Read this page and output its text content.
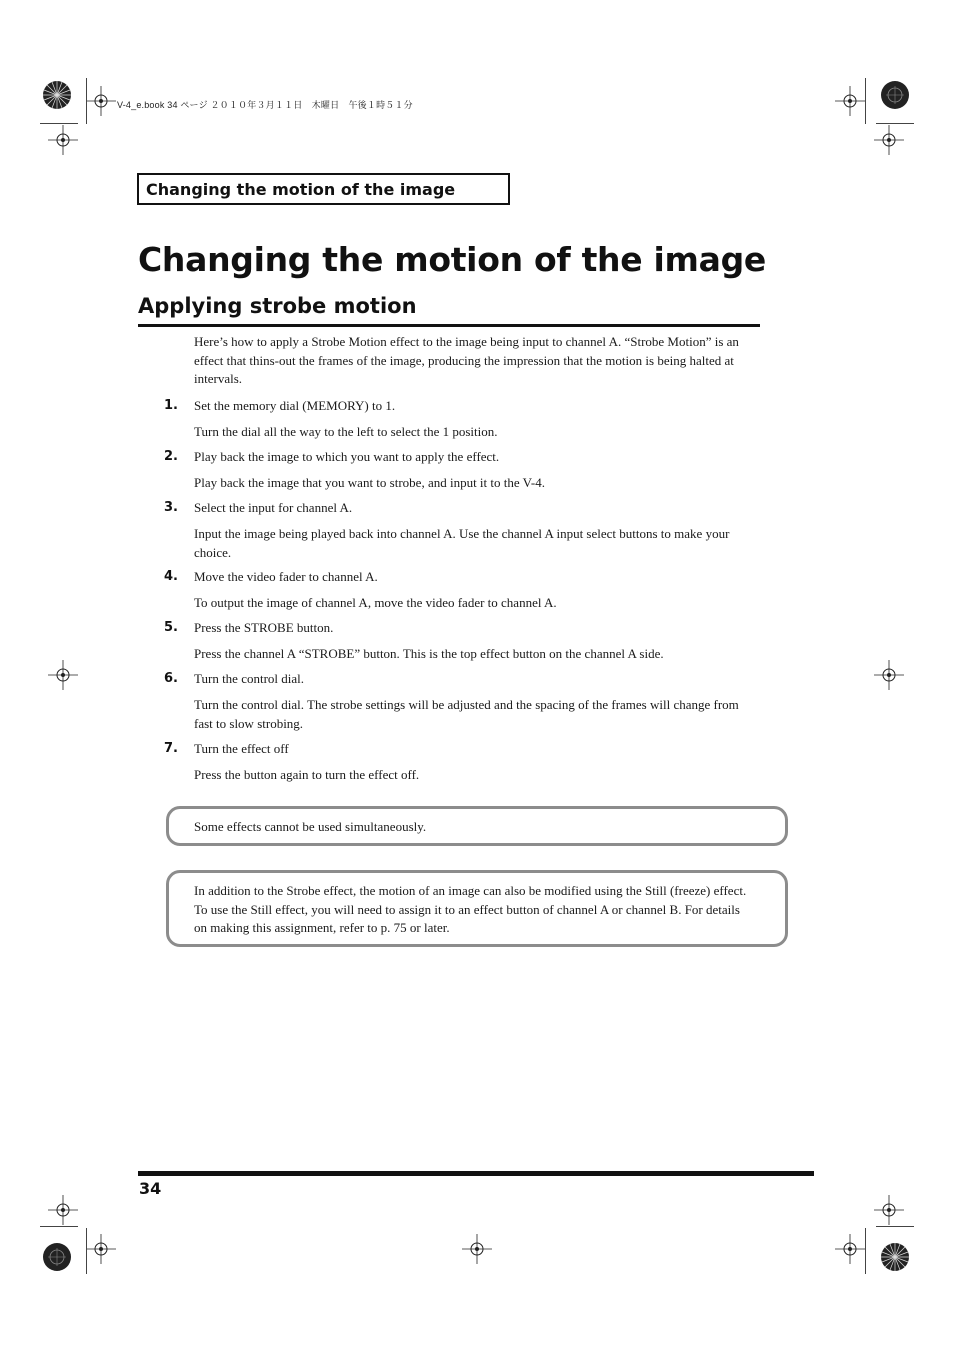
V-4_e.book 34 ページ ２０１０年３月１１日　木曜日　午後１時５１分
Changing the motion of the image
Changing the motion of the image
Applying strobe motion

Here’s how to apply a Strobe Motion effect to the image being input to channel A. “Strobe Motion” is an effect that thins-out the frames of the image, producing the impression that the motion is being halted at intervals.

1. Set the memory dial (MEMORY) to 1.

Turn the dial all the way to the left to select the 1 position.

2. Play back the image to which you want to apply the effect.

Play back the image that you want to strobe, and input it to the V-4.

3. Select the input for channel A.

Input the image being played back into channel A. Use the channel A input select buttons to make your choice.

4. Move the video fader to channel A.

To output the image of channel A, move the video fader to channel A.

5. Press the STROBE button.

Press the channel A “STROBE” button. This is the top effect button on the channel A side.

6. Turn the control dial.

Turn the control dial. The strobe settings will be adjusted and the spacing of the frames will change from fast to slow strobing.

7. Turn the effect off

Press the button again to turn the effect off.

Some effects cannot be used simultaneously.

In addition to the Strobe effect, the motion of an image can also be modified using the Still (freeze) effect. To use the Still effect, you will need to assign it to an effect button of channel A or channel B. For details on making this assignment, refer to p. 75 or later.

34
